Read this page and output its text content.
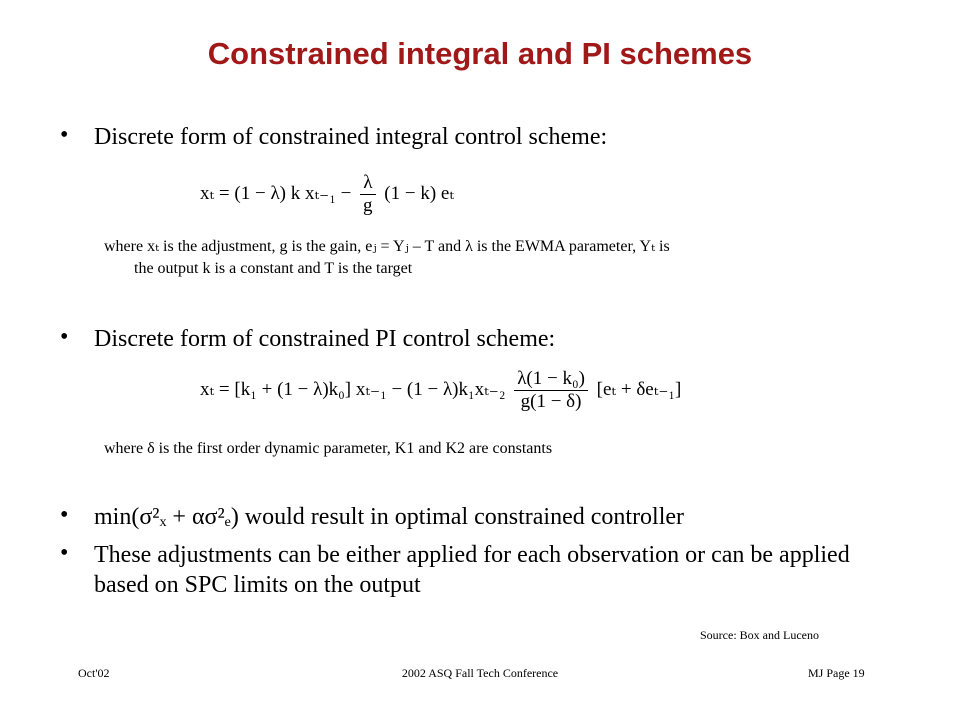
Constrained integral and PI schemes
• Discrete form of constrained integral control scheme:
xₜ = (1 − λ) k $x_{t-1} - \frac{\lambda}{g} (1 - k)$ eₜ
where xₜ is the adjustment, g is the gain, eⱼ = Yⱼ – T and λ is the EWMA parameter, Yₜ is
the output k is a constant and T is the target
• Discrete form of constrained PI control scheme:
xₜ = [k₁ + (1 − λ)k₀] $x_{t-1} - (1 - \lambda)k_1x_{t-2} \frac{\text{λ(1 − k₀)}}{g(1 - \delta)} [e_t + \delta e_{t-1}]$
where δ is the first order dynamic parameter, K1 and K2 are constants
• min(σ²ₓ + ασ²ₑ) would result in optimal constrained controller
• These adjustments can be either applied for each observation or can be applied based on SPC limits on the output
Source: Box and Luceno
Oct'02	2002 ASQ Fall Tech Conference	MJ Page 19
